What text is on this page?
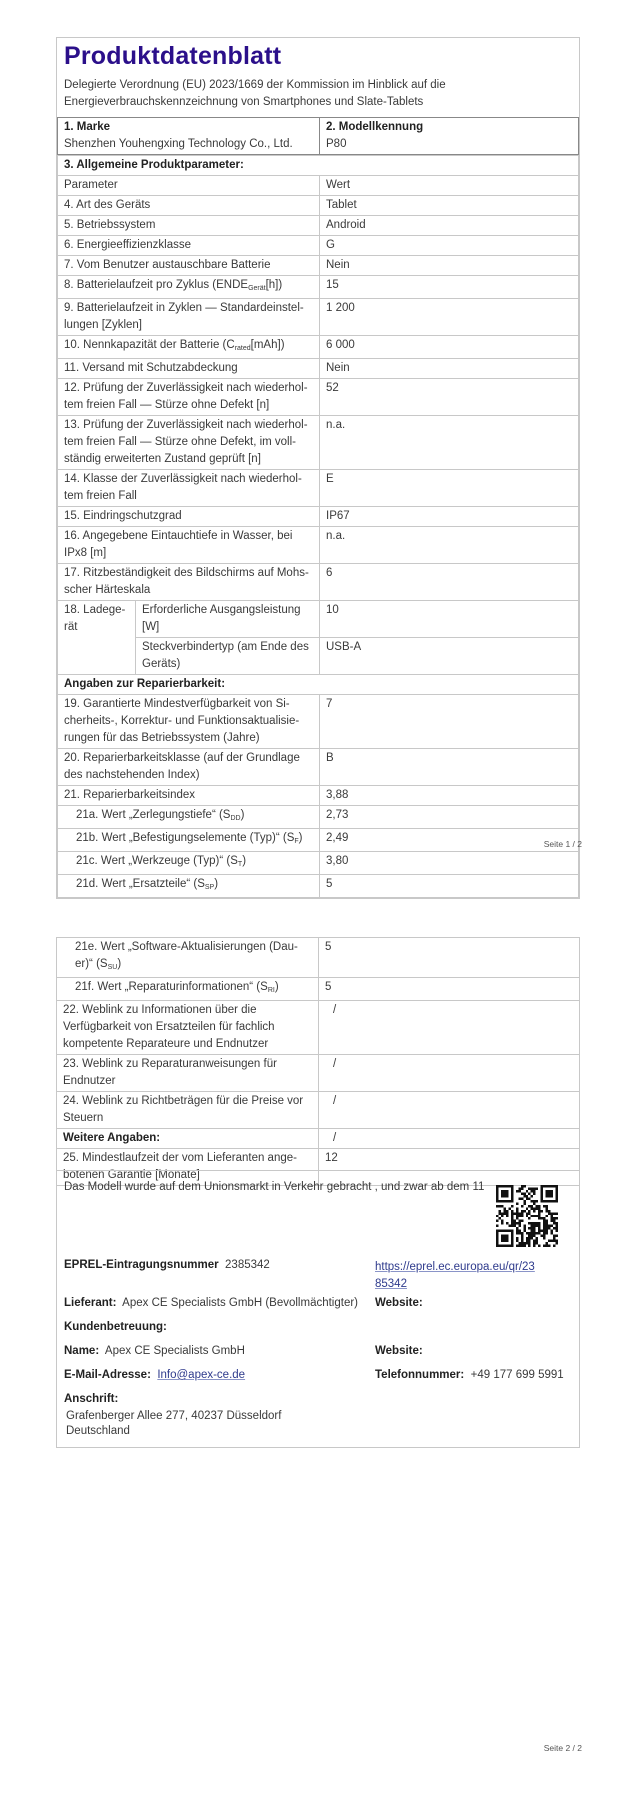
Produktdatenblatt
Delegierte Verordnung (EU) 2023/1669 der Kommission im Hinblick auf die
Energieverbrauchskennzeichnung von Smartphones und Slate-Tablets
1. Marke
Shenzhen Youhengxing Technology Co., Ltd.

2. Modellkennung
P80
3. Allgemeine Produktparameter:		
Parameter		Wert
4. Art des Geräts		Tablet
5. Betriebssystem		Android
6. Energieeffizienzklasse		G
7. Vom Benutzer austauschbare Batterie		Nein
8. Batterielaufzeit pro Zyklus $(ENDE_{Gerät}[h])$		15
9. Batterielaufzeit in Zyklen — Standardeinstel-lungen [Zyklen]		1 200
10. Nennkapazität der Batterie $(C_{rated}[mAh])$		6 000
11. Versand mit Schutzabdeckung		Nein
12. Prüfung der Zuverlässigkeit nach wiederhol-tem freien Fall — Stürze ohne Defekt [n]		52
13. Prüfung der Zuverlässigkeit nach wiederhol-tem freien Fall — Stürze ohne Defekt, im voll-ständig erweiterten Zustand geprüft [n]		n.a.
14. Klasse der Zuverlässigkeit nach wiederhol-tem freien Fall		E
15. Eindringschutzgrad		IP67
16. Angegebene Eintauchtiefe in Wasser, bei IPx8 [m]		n.a.
17. Ritzbeständigkeit des Bildschirms auf Mohs-scher Härteskala		6
18. Ladege-rät	Erforderliche Ausgangsleistung [W]	10
	Steckverbindertyp (am Ende des Geräts)	USB-A
Angaben zur Reparierbarkeit:		
19. Garantierte Mindestverfügbarkeit von Si-cherheits-, Korrektur- und Funktionsaktualisie-rungen für das Betriebssystem (Jahre)		7
20. Reparierbarkeitsklasse (auf der Grundlage des nachstehenden Index)		B
21. Reparierbarkeitsindex		3,88
21a. Wert „Zerlegungstiefe“ $(S_{DD})$		2,73
21b. Wert „Befestigungselemente (Typ)“ $(S_F)$		2,49
21c. Wert „Werkzeuge (Typ)“ $(S_T)$		3,80
21d. Wert „Ersatzteile“ $(S_{SP})$		5
Seite 1 / 2
21e. Wert „Software-Aktualisierungen (Dau-er)“ $(S_{SU})$	5
21f. Wert „Reparaturinformationen“ $(S_{RI})$	5
22. Weblink zu Informationen über die Verfügbarkeit von Ersatzteilen für fachlich kompetente Reparateure und Endnutzer	/
23. Weblink zu Reparaturanweisungen für Endnutzer	/
24. Weblink zu Richtbeträgen für die Preise vor Steuern	/
Weitere Angaben:	/
25. Mindestlaufzeit der vom Lieferanten ange-botenen Garantie [Monate]	12
Das Modell wurde auf dem Unionsmarkt in Verkehr gebracht , und zwar ab dem 11
EPREL-Eintragungsnummer 2385342	https://eprel.ec.europa.eu/qr/23
85342
Lieferant: Apex CE Specialists GmbH (Bevollmächtigter) Website:
Kundenbetreuung:
Name: Apex CE Specialists GmbH	Website:
E-Mail-Adresse: Info@apex-ce.de	Telefonnummer: +49 177 699 5991
Anschrift:
Grafenberger Allee 277, 40237 Düsseldorf
Deutschland
Seite 2 / 2
